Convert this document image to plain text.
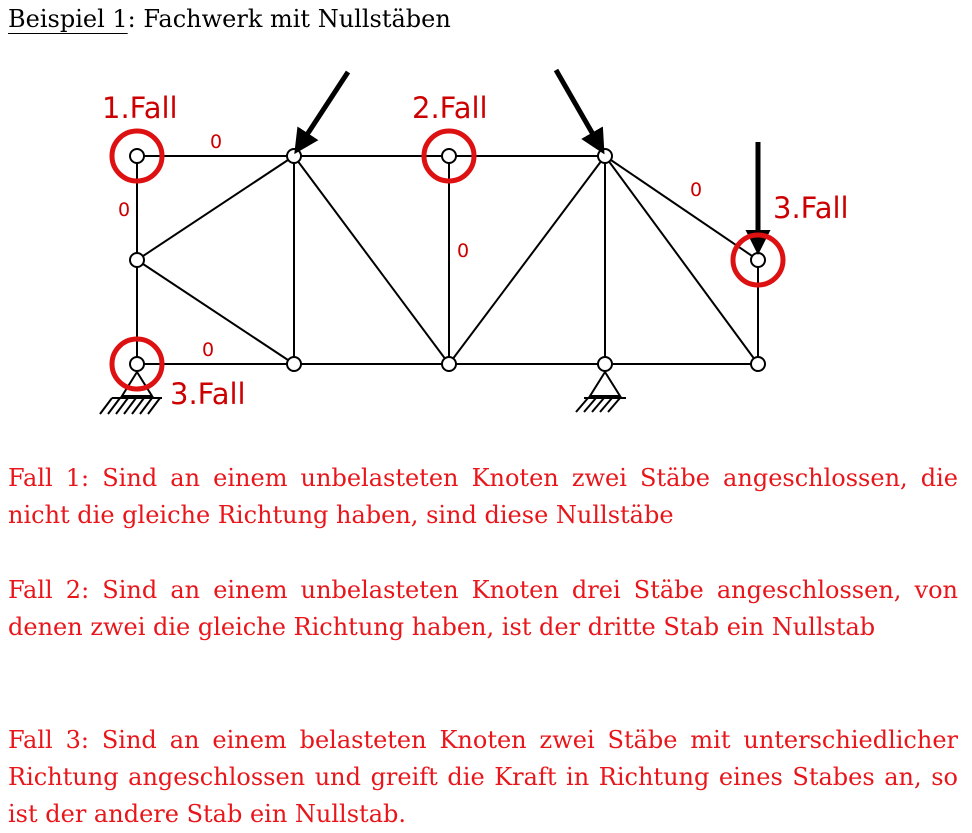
Beispiel 1: Fachwerk mit Nullstäben
1.Fall	2.Fall
3.Fall
3.Fall
0
0
0
0
0
Fall 1: Sind an einem unbelasteten Knoten zwei Stäbe angeschlossen, die nicht die gleiche Richtung haben, sind diese Nullstäbe
Fall 2: Sind an einem unbelasteten Knoten drei Stäbe angeschlossen, von denen zwei die gleiche Richtung haben, ist der dritte Stab ein Nullstab
Fall 3: Sind an einem belasteten Knoten zwei Stäbe mit unterschiedlicher Richtung angeschlossen und greift die Kraft in Richtung eines Stabes an, so ist der andere Stab ein Nullstab.
